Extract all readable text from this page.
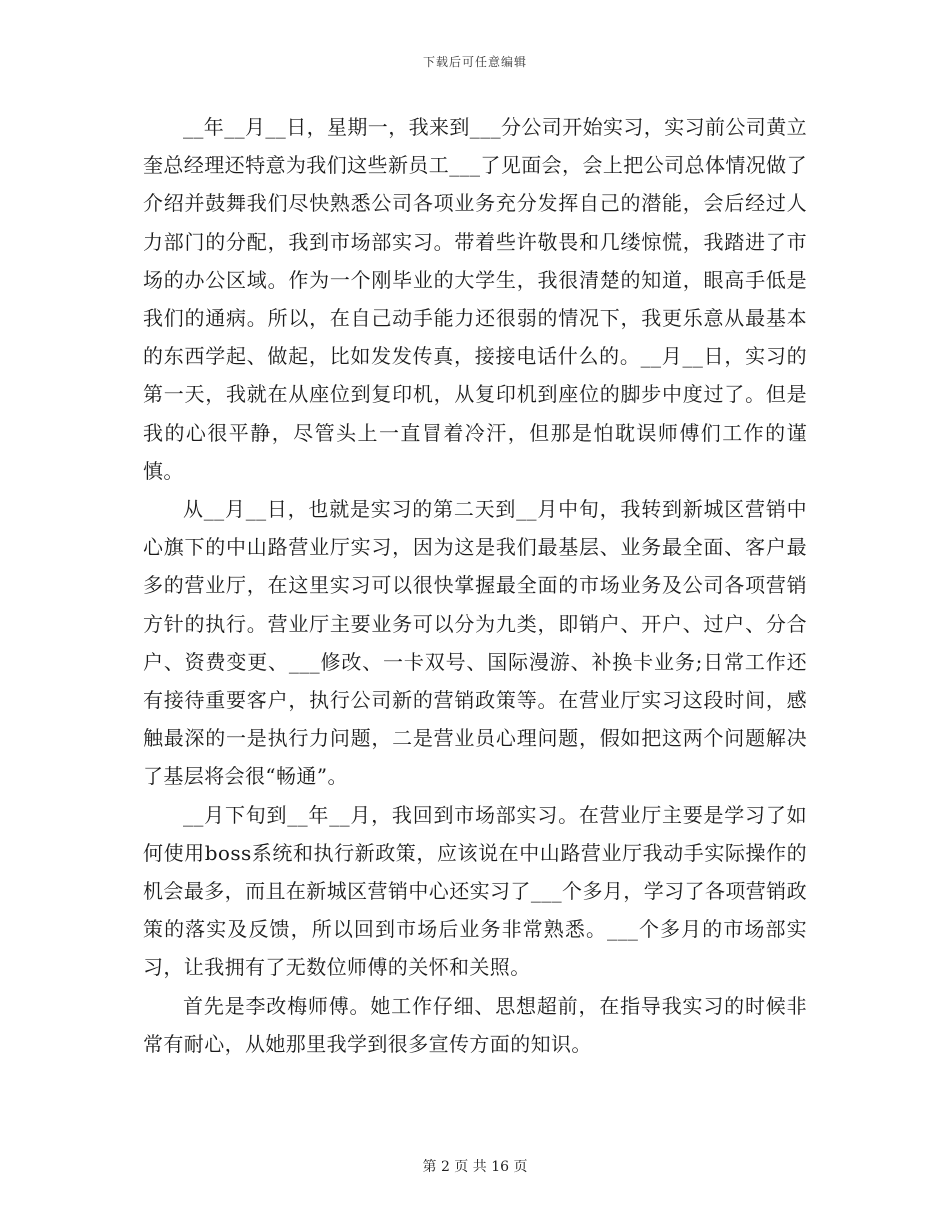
下载后可任意编辑

__年__月__日，星期一，我来到___分公司开始实习，实习前公司黄立奎总经理还特意为我们这些新员工___了见面会，会上把公司总体情况做了介绍并鼓舞我们尽快熟悉公司各项业务充分发挥自己的潜能，会后经过人力部门的分配，我到市场部实习。带着些许敬畏和几缕惊慌，我踏进了市场的办公区域。作为一个刚毕业的大学生，我很清楚的知道，眼高手低是我们的通病。所以，在自己动手能力还很弱的情况下，我更乐意从最基本的东西学起、做起，比如发发传真，接接电话什么的。__月__日，实习的第一天，我就在从座位到复印机，从复印机到座位的脚步中度过了。但是我的心很平静，尽管头上一直冒着冷汗，但那是怕耽误师傅们工作的谨慎。

从__月__日，也就是实习的第二天到__月中旬，我转到新城区营销中心旗下的中山路营业厅实习，因为这是我们最基层、业务最全面、客户最多的营业厅，在这里实习可以很快掌握最全面的市场业务及公司各项营销方针的执行。营业厅主要业务可以分为九类，即销户、开户、过户、分合户、资费变更、___修改、一卡双号、国际漫游、补换卡业务;日常工作还有接待重要客户，执行公司新的营销政策等。在营业厅实习这段时间，感触最深的一是执行力问题，二是营业员心理问题，假如把这两个问题解决了基层将会很“畅通”。

__月下旬到__年__月，我回到市场部实习。在营业厅主要是学习了如何使用boss系统和执行新政策，应该说在中山路营业厅我动手实际操作的机会最多，而且在新城区营销中心还实习了___个多月，学习了各项营销政策的落实及反馈，所以回到市场后业务非常熟悉。___个多月的市场部实习，让我拥有了无数位师傅的关怀和关照。

首先是李改梅师傅。她工作仔细、思想超前，在指导我实习的时候非常有耐心，从她那里我学到很多宣传方面的知识。

第 2 页 共 16 页
